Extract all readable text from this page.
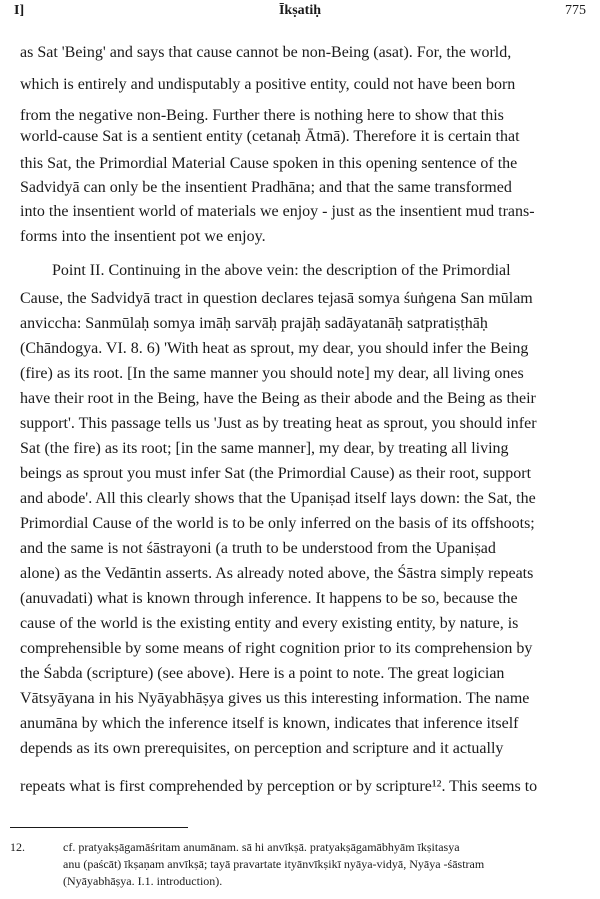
I]	Īkṣatiḥ	775
as Sat 'Being' and says that cause cannot be non-Being (asat). For, the world,
which is entirely and undisputably a positive entity, could not have been born
from the negative non-Being. Further there is nothing here to show that this
world-cause Sat is a sentient entity (cetanaḥ Ātmā). Therefore it is certain that
this Sat, the Primordial Material Cause spoken in this opening sentence of the
Sadvidyā can only be the insentient Pradhāna; and that the same transformed
into the insentient world of materials we enjoy - just as the insentient mud trans-
forms into the insentient pot we enjoy.
Point II. Continuing in the above vein: the description of the Primordial
Cause, the Sadvidyā tract in question declares tejasā somya śuṅgena San mūlam
anviccha: Sanmūlaḥ somya imāḥ sarvāḥ prajāḥ sadāyatanāḥ satpratiṣṭhāḥ
(Chāndogya. VI. 8. 6) 'With heat as sprout, my dear, you should infer the Being
(fire) as its root. [In the same manner you should note] my dear, all living ones
have their root in the Being, have the Being as their abode and the Being as their
support'. This passage tells us 'Just as by treating heat as sprout, you should infer
Sat (the fire) as its root; [in the same manner], my dear, by treating all living
beings as sprout you must infer Sat (the Primordial Cause) as their root, support
and abode'. All this clearly shows that the Upaniṣad itself lays down: the Sat, the
Primordial Cause of the world is to be only inferred on the basis of its offshoots;
and the same is not śāstrayoni (a truth to be understood from the Upaniṣad
alone) as the Vedāntin asserts. As already noted above, the Śāstra simply repeats
(anuvadati) what is known through inference. It happens to be so, because the
cause of the world is the existing entity and every existing entity, by nature, is
comprehensible by some means of right cognition prior to its comprehension by
the Śabda (scripture) (see above). Here is a point to note. The great logician
Vātsyāyana in his Nyāyabhāṣya gives us this interesting information. The name
anumāna by which the inference itself is known, indicates that inference itself
depends as its own prerequisites, on perception and scripture and it actually
repeats what is first comprehended by perception or by scripture¹². This seems to
12.	cf. pratyakṣāgamāśritam anumānam. sā hi anvīkṣā. pratyakṣāgamābhyām īkṣitasya
anu (paścāt) īkṣaṇam anvīkṣā; tayā pravartate ityānvīkṣikī nyāya-vidyā, Nyāya -śāstram
(Nyāyabhāṣya. I.1. introduction).
